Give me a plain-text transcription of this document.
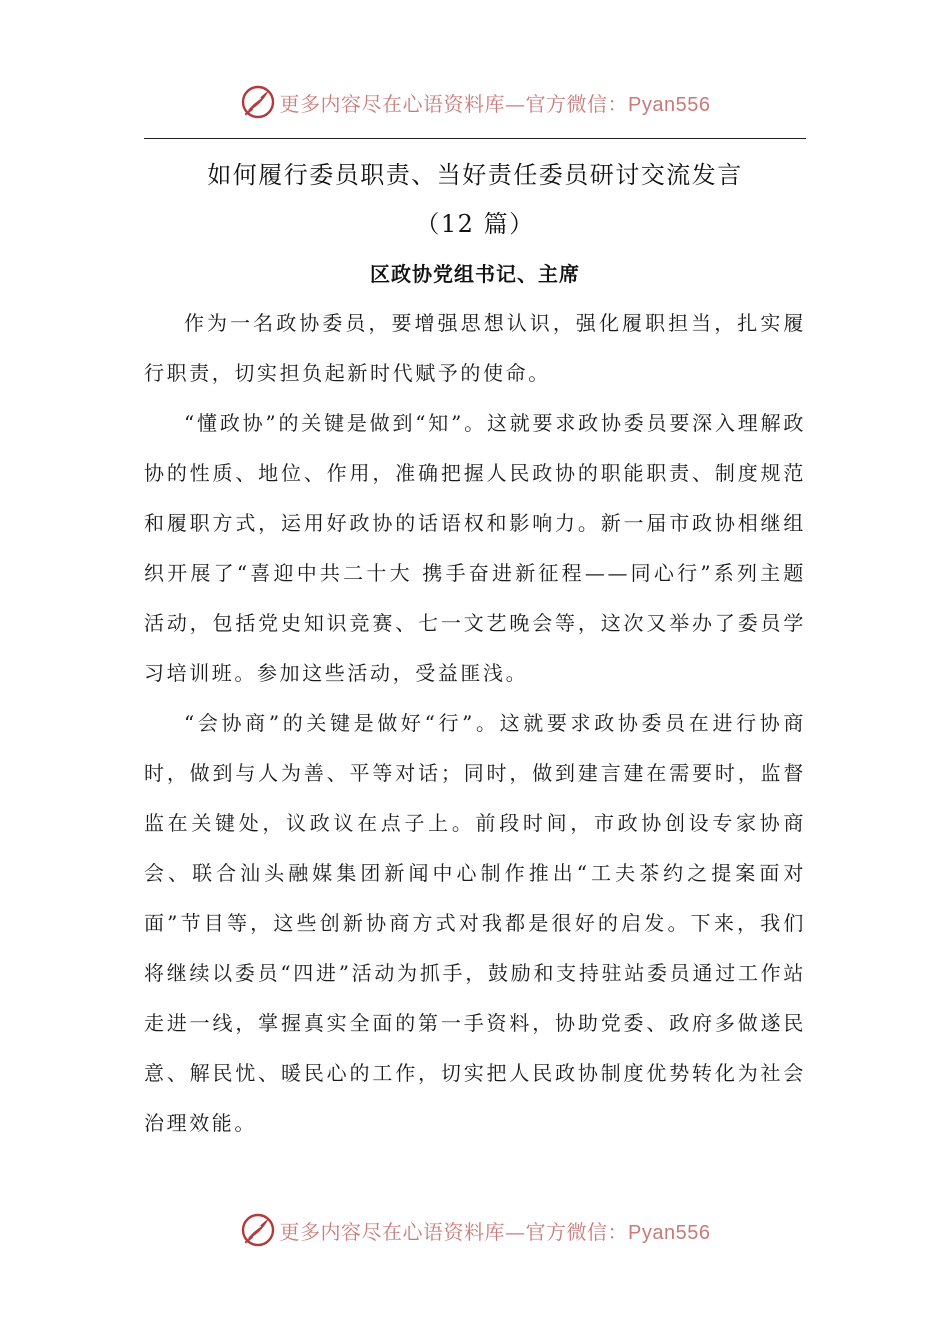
更多内容尽在心语资料库—官方微信：Pyan556
如何履行委员职责、当好责任委员研讨交流发言
（12 篇）
区政协党组书记、主席

作为一名政协委员，要增强思想认识，强化履职担当，扎实履行职责，切实担负起新时代赋予的使命。

“懂政协”的关键是做到“知”。这就要求政协委员要深入理解政协的性质、地位、作用，准确把握人民政协的职能职责、制度规范和履职方式，运用好政协的话语权和影响力。新一届市政协相继组织开展了“喜迎中共二十大 携手奋进新征程——同心行”系列主题活动，包括党史知识竞赛、七一文艺晚会等，这次又举办了委员学习培训班。参加这些活动，受益匪浅。

“会协商”的关键是做好“行”。这就要求政协委员在进行协商时，做到与人为善、平等对话；同时，做到建言建在需要时，监督监在关键处，议政议在点子上。前段时间，市政协创设专家协商会、联合汕头融媒集团新闻中心制作推出“工夫茶约之提案面对面”节目等，这些创新协商方式对我都是很好的启发。下来，我们将继续以委员“四进”活动为抓手，鼓励和支持驻站委员通过工作站走进一线，掌握真实全面的第一手资料，协助党委、政府多做遂民意、解民忧、暖民心的工作，切实把人民政协制度优势转化为社会治理效能。

更多内容尽在心语资料库—官方微信：Pyan556
